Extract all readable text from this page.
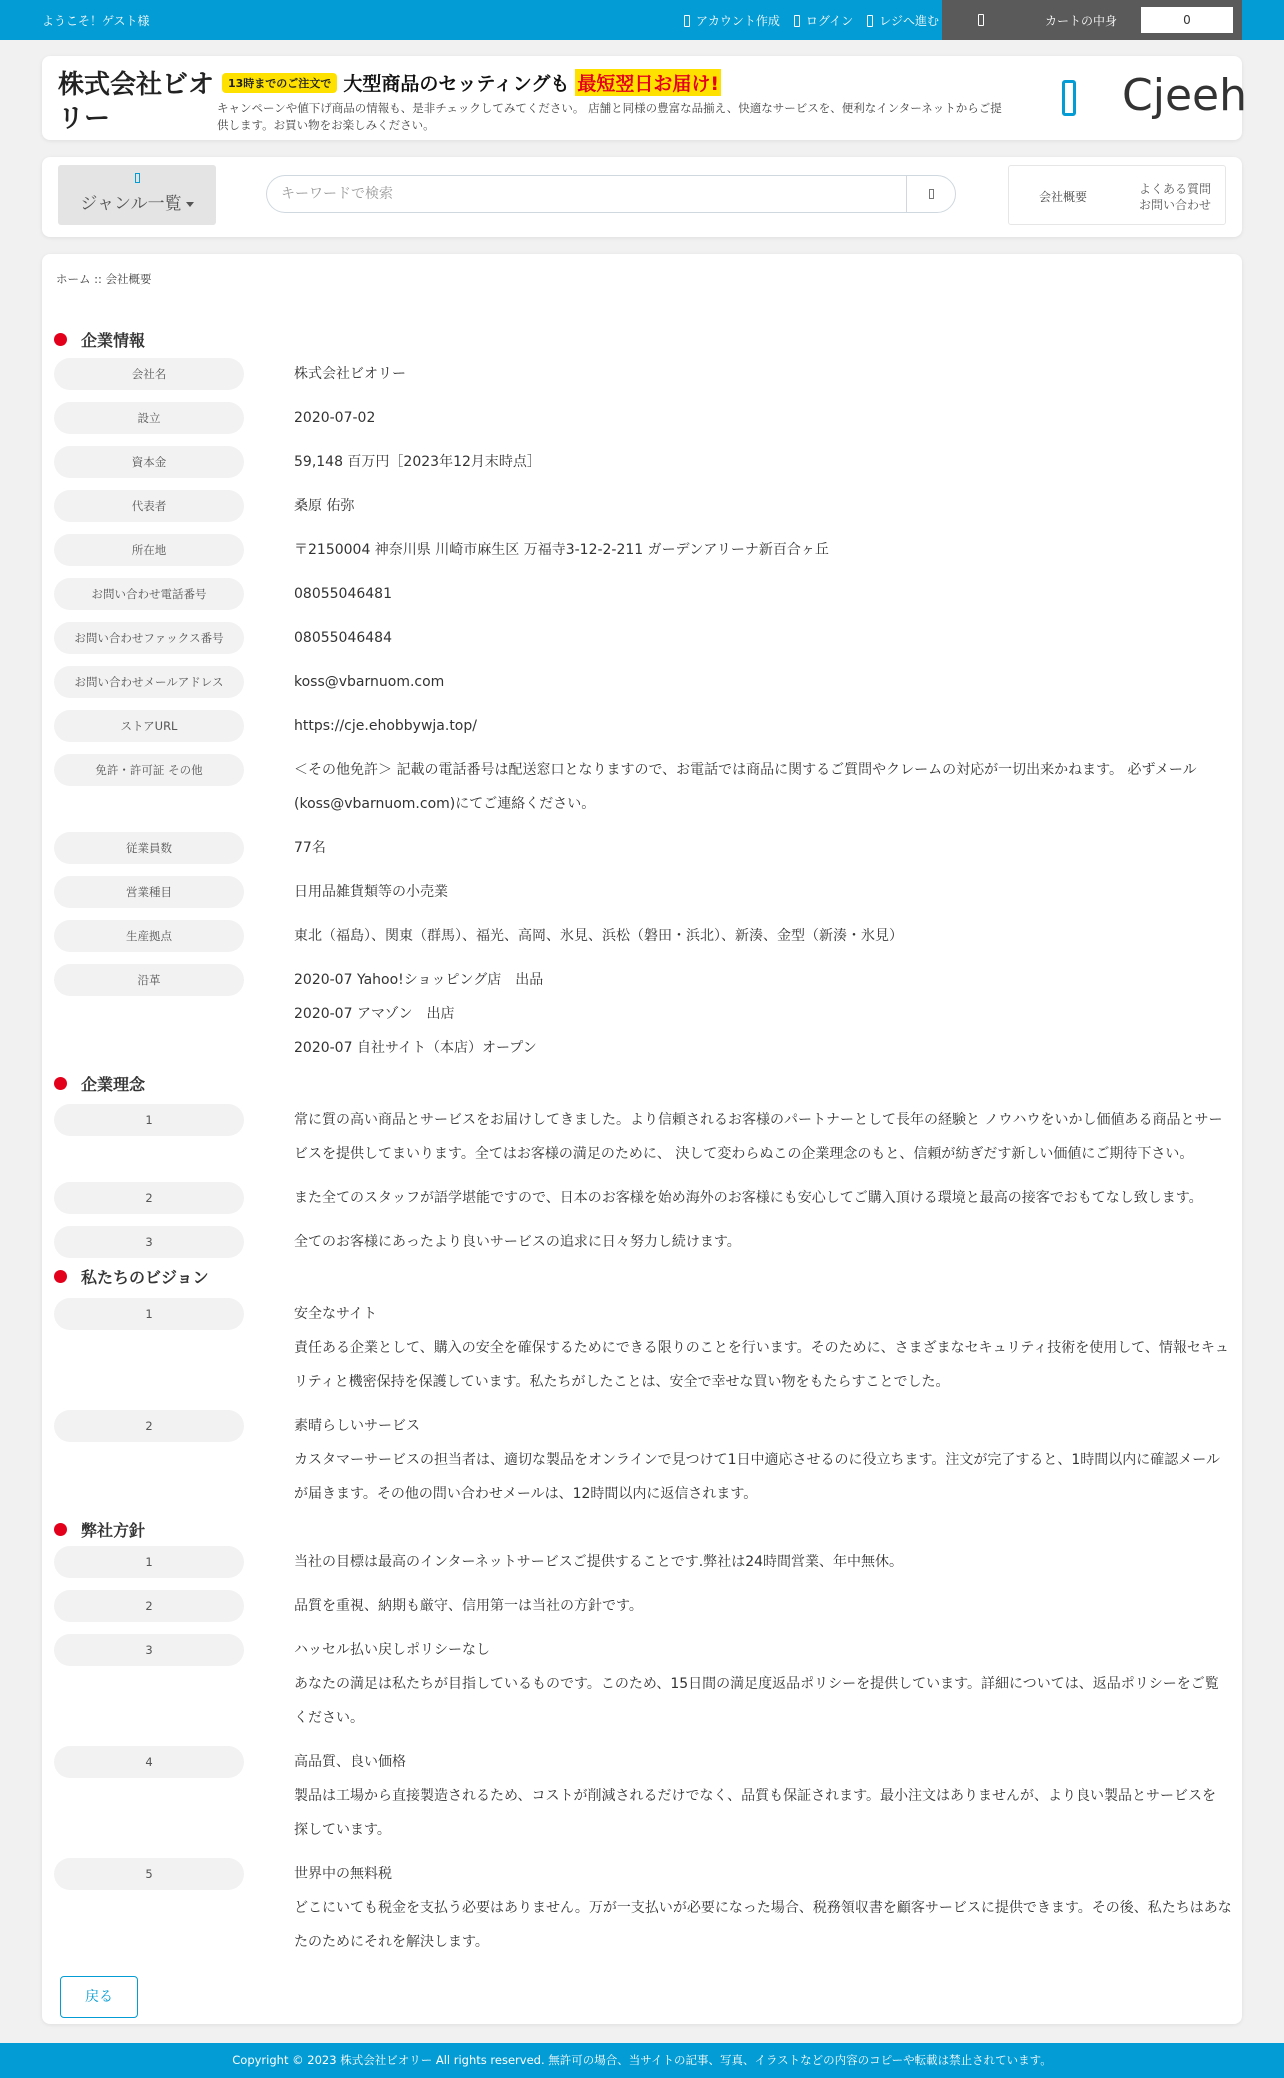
ようこそ！ゲスト様	アカウント作成 ログイン レジへ進む	カートの中身	0
株式会社ビオリー
13時までのご注文で 大型商品のセッティングも 最短翌日お届け!
キャンペーンや値下げ商品の情報も、是非チェックしてみてください。 店舗と同様の豊富な品揃え、快適なサービスを、便利なインターネットからご提供します。お買い物をお楽しみください。
Cjeeh
ジャンル一覧
キーワードで検索	会社概要
よくある質問
お問い合わせ
ホーム :: 会社概要
戻る
企業情報
会社名	株式会社ビオリー
設立	2020-07-02
資本金	59,148 百万円［2023年12月末時点］
代表者	桑原 佑弥
所在地	〒2150004 神奈川県 川崎市麻生区 万福寺3-12-2-211 ガーデンアリーナ新百合ヶ丘
お問い合わせ電話番号	08055046481
お問い合わせファックス番号	08055046484
お問い合わせメールアドレス	koss@vbarnuom.com
ストアURL	https://cje.ehobbywja.top/
免許・許可証 その他	＜その他免許＞ 記載の電話番号は配送窓口となりますので、お電話では商品に関するご質問やクレームの対応が一切出来かねます。 必ずメール
(koss@vbarnuom.com)にてご連絡ください。
従業員数	77名
営業種目	日用品雑貨類等の小売業
生産拠点	東北（福島）、関東（群馬）、福光、高岡、氷見、浜松（磐田・浜北）、新湊、金型（新湊・氷見）
沿革	2020-07 Yahoo!ショッピング店　出品
2020-07 アマゾン　出店
2020-07 自社サイト（本店）オープン
企業理念
1	常に質の高い商品とサービスをお届けしてきました。より信頼されるお客様のパートナーとして長年の経験と ノウハウをいかし価値ある商品とサー
ビスを提供してまいります。全てはお客様の満足のために、 決して変わらぬこの企業理念のもと、信頼が紡ぎだす新しい価値にご期待下さい。
2	また全てのスタッフが語学堪能ですので、日本のお客様を始め海外のお客様にも安心してご購入頂ける環境と最高の接客でおもてなし致します。
3	全てのお客様にあったより良いサービスの追求に日々努力し続けます。
私たちのビジョン
1	安全なサイト
責任ある企業として、購入の安全を確保するためにできる限りのことを行います。そのために、さまざまなセキュリティ技術を使用して、情報セキュ
リティと機密保持を保護しています。私たちがしたことは、安全で幸せな買い物をもたらすことでした。
2	素晴らしいサービス
カスタマーサービスの担当者は、適切な製品をオンラインで見つけて1日中適応させるのに役立ちます。注文が完了すると、1時間以内に確認メール
が届きます。その他の問い合わせメールは、12時間以内に返信されます。
弊社方針
1	当社の目標は最高のインターネットサービスご提供することです.弊社は24時間営業、年中無休。
2	品質を重視、納期も厳守、信用第一は当社の方針です。
3	ハッセル払い戻しポリシーなし
あなたの満足は私たちが目指しているものです。このため、15日間の満足度返品ポリシーを提供しています。詳細については、返品ポリシーをご覧
ください。
4	高品質、良い価格
製品は工場から直接製造されるため、コストが削減されるだけでなく、品質も保証されます。最小注文はありませんが、より良い製品とサービスを
探しています。
5	世界中の無料税
どこにいても税金を支払う必要はありません。万が一支払いが必要になった場合、税務領収書を顧客サービスに提供できます。その後、私たちはあな
たのためにそれを解決します。
Copyright © 2023 株式会社ビオリー All rights reserved. 無許可の場合、当サイトの記事、写真、イラストなどの内容のコピーや転載は禁止されています。
